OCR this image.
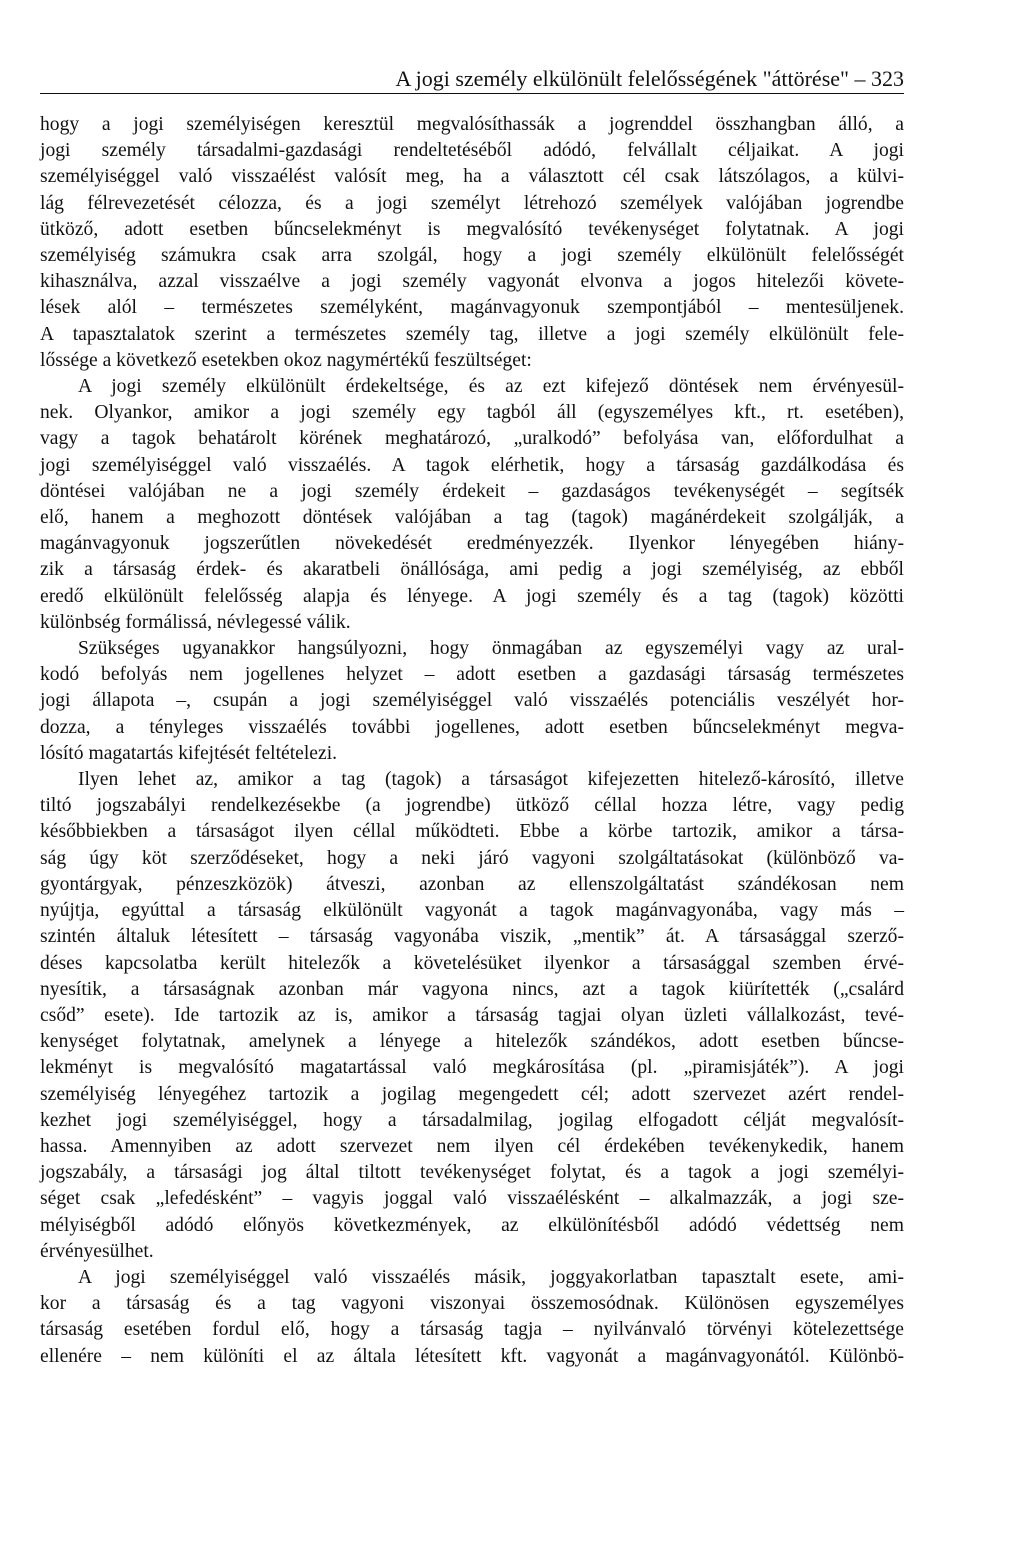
A jogi személy elkülönült felelősségének "áttörése" – 323
hogy a jogi személyiségen keresztül megvalósíthassák a jogrenddel összhangban álló, a
jogi személy társadalmi-gazdasági rendeltetéséből adódó, felvállalt céljaikat. A jogi
személyiséggel való visszaélést valósít meg, ha a választott cél csak látszólagos, a külvi-
lág félrevezetését célozza, és a jogi személyt létrehozó személyek valójában jogrendbe
ütköző, adott esetben bűncselekményt is megvalósító tevékenységet folytatnak. A jogi
személyiség számukra csak arra szolgál, hogy a jogi személy elkülönült felelősségét
kihasználva, azzal visszaélve a jogi személy vagyonát elvonva a jogos hitelezői követe-
lések alól – természetes személyként, magánvagyonuk szempontjából – mentesüljenek.
A tapasztalatok szerint a természetes személy tag, illetve a jogi személy elkülönült fele-
lőssége a következő esetekben okoz nagymértékű feszültséget:
A jogi személy elkülönült érdekeltsége, és az ezt kifejező döntések nem érvényesül-
nek. Olyankor, amikor a jogi személy egy tagból áll (egyszemélyes kft., rt. esetében),
vagy a tagok behatárolt körének meghatározó, „uralkodó” befolyása van, előfordulhat a
jogi személyiséggel való visszaélés. A tagok elérhetik, hogy a társaság gazdálkodása és
döntései valójában ne a jogi személy érdekeit – gazdaságos tevékenységét – segítsék
elő, hanem a meghozott döntések valójában a tag (tagok) magánérdekeit szolgálják, a
magánvagyonuk jogszerűtlen növekedését eredményezzék. Ilyenkor lényegében hiány-
zik a társaság érdek- és akaratbeli önállósága, ami pedig a jogi személyiség, az ebből
eredő elkülönült felelősség alapja és lényege. A jogi személy és a tag (tagok) közötti
különbség formálissá, névlegessé válik.
Szükséges ugyanakkor hangsúlyozni, hogy önmagában az egyszemélyi vagy az ural-
kodó befolyás nem jogellenes helyzet – adott esetben a gazdasági társaság természetes
jogi állapota –, csupán a jogi személyiséggel való visszaélés potenciális veszélyét hor-
dozza, a tényleges visszaélés további jogellenes, adott esetben bűncselekményt megva-
lósító magatartás kifejtését feltételezi.
Ilyen lehet az, amikor a tag (tagok) a társaságot kifejezetten hitelező-károsító, illetve
tiltó jogszabályi rendelkezésekbe (a jogrendbe) ütköző céllal hozza létre, vagy pedig
későbbiekben a társaságot ilyen céllal működteti. Ebbe a körbe tartozik, amikor a társa-
ság úgy köt szerződéseket, hogy a neki járó vagyoni szolgáltatásokat (különböző va-
gyontárgyak, pénzeszközök) átveszi, azonban az ellenszolgáltatást szándékosan nem
nyújtja, egyúttal a társaság elkülönült vagyonát a tagok magánvagyonába, vagy más –
szintén általuk létesített – társaság vagyonába viszik, „mentik” át. A társasággal szerző-
déses kapcsolatba került hitelezők a követelésüket ilyenkor a társasággal szemben érvé-
nyesítik, a társaságnak azonban már vagyona nincs, azt a tagok kiürítették („csalárd
csőd” esete). Ide tartozik az is, amikor a társaság tagjai olyan üzleti vállalkozást, tevé-
kenységet folytatnak, amelynek a lényege a hitelezők szándékos, adott esetben bűncse-
lekményt is megvalósító magatartással való megkárosítása (pl. „piramisjáték”). A jogi
személyiség lényegéhez tartozik a jogilag megengedett cél; adott szervezet azért rendel-
kezhet jogi személyiséggel, hogy a társadalmilag, jogilag elfogadott célját megvalósít-
hassa. Amennyiben az adott szervezet nem ilyen cél érdekében tevékenykedik, hanem
jogszabály, a társasági jog által tiltott tevékenységet folytat, és a tagok a jogi személyi-
séget csak „lefedésként” – vagyis joggal való visszaélésként – alkalmazzák, a jogi sze-
mélyiségből adódó előnyös következmények, az elkülönítésből adódó védettség nem
érvényesülhet.
A jogi személyiséggel való visszaélés másik, joggyakorlatban tapasztalt esete, ami-
kor a társaság és a tag vagyoni viszonyai összemosódnak. Különösen egyszemélyes
társaság esetében fordul elő, hogy a társaság tagja – nyilvánvaló törvényi kötelezettsége
ellenére – nem különíti el az általa létesített kft. vagyonát a magánvagyonától. Különbö-
